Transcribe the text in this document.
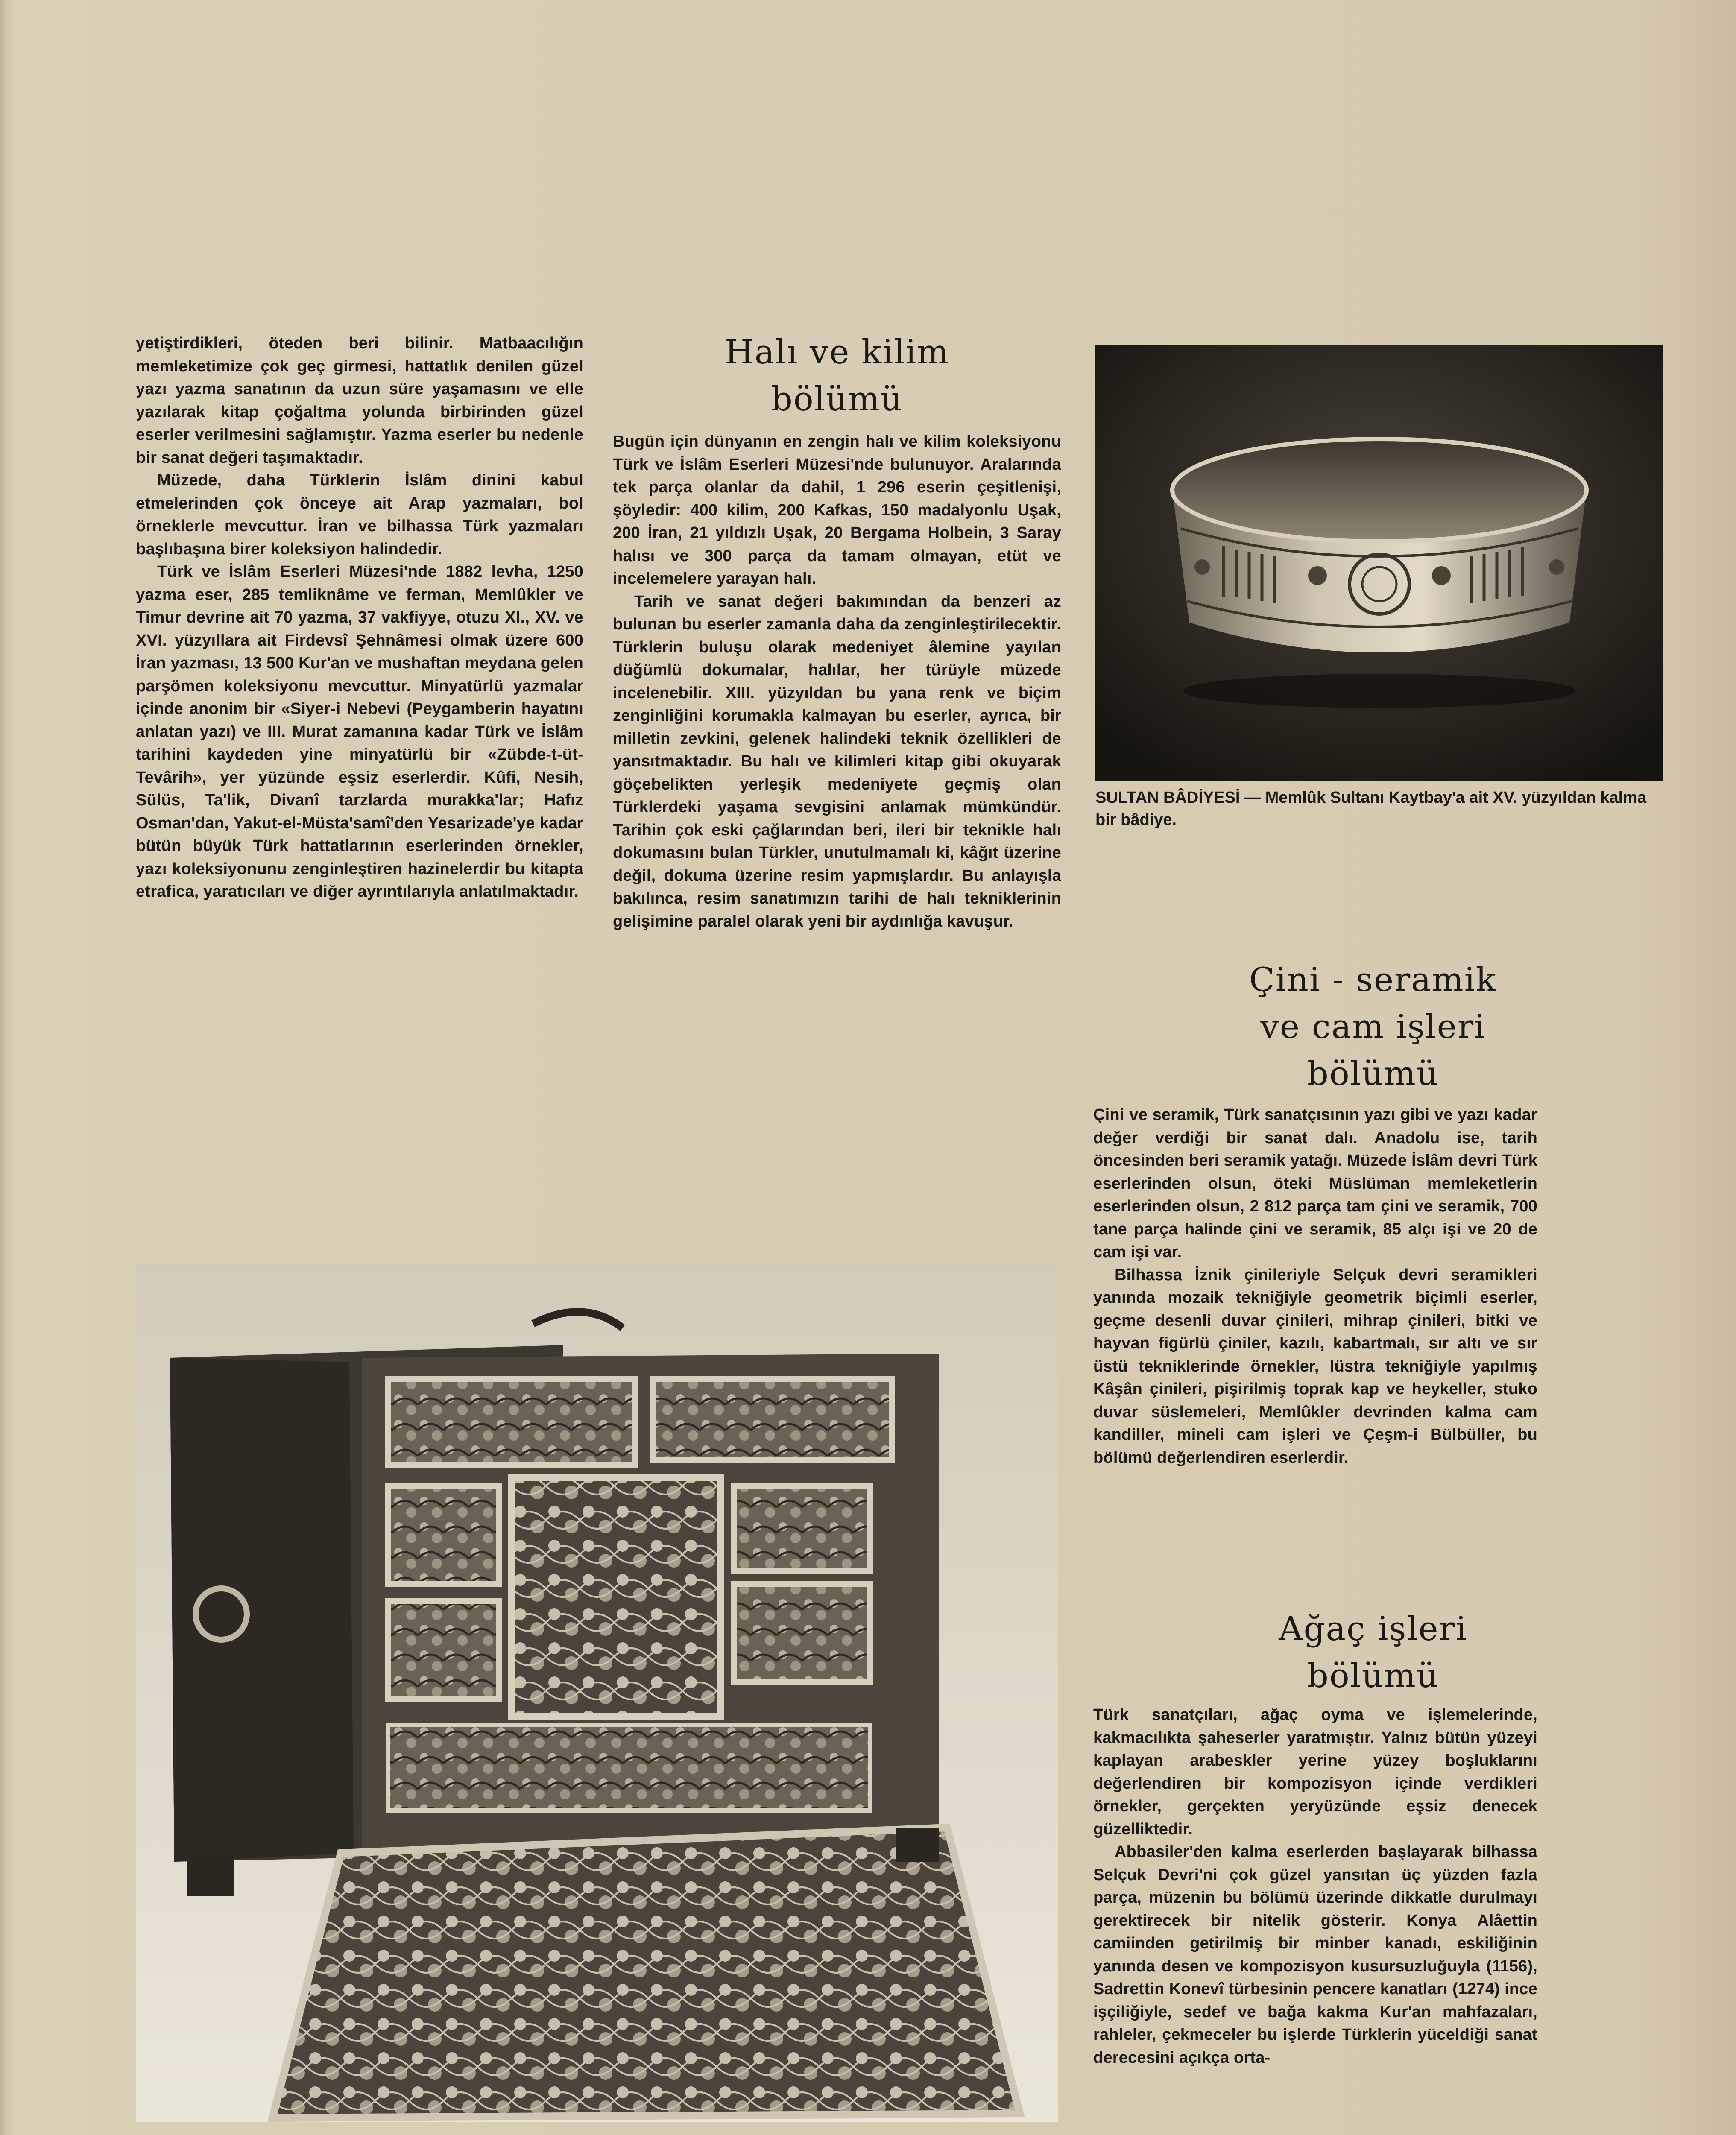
yetiştirdikleri, öteden beri bilinir. Matbaacılığın memleketimize çok geç girmesi, hattatlık denilen güzel yazı yazma sanatının da uzun süre yaşamasını ve elle yazılarak kitap çoğaltma yolunda birbirinden güzel eserler verilmesini sağlamıştır. Yazma eserler bu nedenle bir sanat değeri taşımaktadır.

Müzede, daha Türklerin İslâm dinini kabul etmelerinden çok önceye ait Arap yazmaları, bol örneklerle mevcuttur. İran ve bilhassa Türk yazmaları başlıbaşına birer koleksiyon halindedir.

Türk ve İslâm Eserleri Müzesi'nde 1882 levha, 1250 yazma eser, 285 temliknâme ve ferman, Memlûkler ve Timur devrine ait 70 yazma, 37 vakfiyye, otuzu XI., XV. ve XVI. yüzyıllara ait Firdevsî Şehnâmesi olmak üzere 600 İran yazması, 13 500 Kur'an ve mushaftan meydana gelen parşömen koleksiyonu mevcuttur. Minyatürlü yazmalar içinde anonim bir «Siyer-i Nebevi (Peygamberin hayatını anlatan yazı) ve III. Murat zamanına kadar Türk ve İslâm tarihini kaydeden yine minyatürlü bir «Zübde-t-üt-Tevârih», yer yüzünde eşsiz eserlerdir. Kûfi, Nesih, Sülüs, Ta'lik, Divanî tarzlarda murakka'lar; Hafız Osman'dan, Yakut-el-Müsta'samî'den Yesarizade'ye kadar bütün büyük Türk hattatlarının eserlerinden örnekler, yazı koleksiyonunu zenginleştiren hazinelerdir bu kitapta etrafica, yaratıcıları ve diğer ayrıntılarıyla anlatılmaktadır.

Halı ve kilim
bölümü

Bugün için dünyanın en zengin halı ve kilim koleksiyonu Türk ve İslâm Eserleri Müzesi'nde bulunuyor. Aralarında tek parça olanlar da dahil, 1 296 eserin çeşitlenişi, şöyledir: 400 kilim, 200 Kafkas, 150 madalyonlu Uşak, 200 İran, 21 yıldızlı Uşak, 20 Bergama Holbein, 3 Saray halısı ve 300 parça da tamam olmayan, etüt ve incelemelere yarayan halı.

Tarih ve sanat değeri bakımından da benzeri az bulunan bu eserler zamanla daha da zenginleştirilecektir. Türklerin buluşu olarak medeniyet âlemine yayılan düğümlü dokumalar, halılar, her türüyle müzede incelenebilir. XIII. yüzyıldan bu yana renk ve biçim zenginliğini korumakla kalmayan bu eserler, ayrıca, bir milletin zevkini, gelenek halindeki teknik özellikleri de yansıtmaktadır. Bu halı ve kilimleri kitap gibi okuyarak göçebelikten yerleşik medeniyete geçmiş olan Türklerdeki yaşama sevgisini anlamak mümkündür. Tarihin çok eski çağlarından beri, ileri bir teknikle halı dokumasını bulan Türkler, unutulmamalı ki, kâğıt üzerine değil, dokuma üzerine resim yapmışlardır. Bu anlayışla bakılınca, resim sanatımızın tarihi de halı tekniklerinin gelişimine paralel olarak yeni bir aydınlığa kavuşur.

SULTAN BÂDİYESİ — Memlûk Sultanı Kaytbay'a ait XV. yüzyıldan kalma bir bâdiye.
Çini - seramik
ve cam işleri
bölümü

Çini ve seramik, Türk sanatçısının yazı gibi ve yazı kadar değer verdiği bir sanat dalı. Anadolu ise, tarih öncesinden beri seramik yatağı. Müzede İslâm devri Türk eserlerinden olsun, öteki Müslüman memleketlerin eserlerinden olsun, 2 812 parça tam çini ve seramik, 700 tane parça halinde çini ve seramik, 85 alçı işi ve 20 de cam işi var.

Bilhassa İznik çinileriyle Selçuk devri seramikleri yanında mozaik tekniğiyle geometrik biçimli eserler, geçme desenli duvar çinileri, mihrap çinileri, bitki ve hayvan figürlü çiniler, kazılı, kabartmalı, sır altı ve sır üstü tekniklerinde örnekler, lüstra tekniğiyle yapılmış Kâşân çinileri, pişirilmiş toprak kap ve heykeller, stuko duvar süslemeleri, Memlûkler devrinden kalma cam kandiller, mineli cam işleri ve Çeşm-i Bülbüller, bu bölümü değerlendiren eserlerdir.

Ağaç işleri
bölümü

Türk sanatçıları, ağaç oyma ve işlemelerinde, kakmacılıkta şaheserler yaratmıştır. Yalnız bütün yüzeyi kaplayan arabeskler yerine yüzey boşluklarını değerlendiren bir kompozisyon içinde verdikleri örnekler, gerçekten yeryüzünde eşsiz denecek güzelliktedir.

Abbasiler'den kalma eserlerden başlayarak bilhassa Selçuk Devri'ni çok güzel yansıtan üç yüzden fazla parça, müzenin bu bölümü üzerinde dikkatle durulmayı gerektirecek bir nitelik gösterir. Konya Alâettin camiinden getirilmiş bir minber kanadı, eskiliğinin yanında desen ve kompozisyon kusursuzluğuyla (1156), Sadrettin Konevî türbesinin pencere kanatları (1274) ince işçiliğiyle, sedef ve bağa kakma Kur'an mahfazaları, rahleler, çekmeceler bu işlerde Türklerin yüceldiği sanat derecesini açıkça orta-
